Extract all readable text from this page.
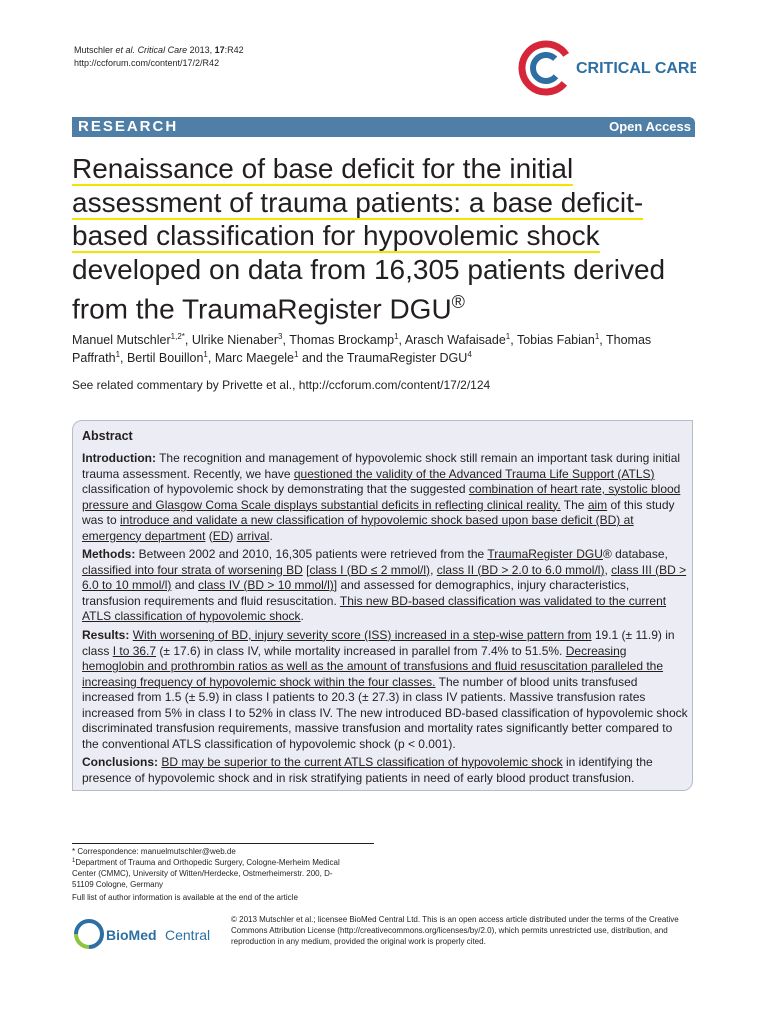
Mutschler et al. Critical Care 2013, 17:R42
http://ccforum.com/content/17/2/R42	CRITICAL CARE
RESEARCH	Open Access
Renaissance of base deficit for the initial
assessment of trauma patients: a base deficit-
based classification for hypovolemic shock
developed on data from 16,305 patients derived
from the TraumaRegister DGU®
Manuel Mutschler$^{1,2*}$, Ulrike Nienaber$^3$, Thomas Brockamp$^1$, Arasch Wafaisade$^1$, Tobias Fabian$^1$, Thomas Paffrath$^1$, Bertil Bouillon$^1$, Marc Maegele$^1$ and the TraumaRegister DGU$^4$
See related commentary by Privette et al., http://ccforum.com/content/17/2/124
Abstract
Introduction: The recognition and management of hypovolemic shock still remain an important task during initial trauma assessment. Recently, we have questioned the validity of the Advanced Trauma Life Support (ATLS) classification of hypovolemic shock by demonstrating that the suggested combination of heart rate, systolic blood pressure and Glasgow Coma Scale displays substantial deficits in reflecting clinical reality. The aim of this study was to introduce and validate a new classification of hypovolemic shock based upon base deficit (BD) at emergency department (ED) arrival.
Methods: Between 2002 and 2010, 16,305 patients were retrieved from the TraumaRegister DGU® database, classified into four strata of worsening BD [class I (BD ≤ 2 mmol/l), class II (BD > 2.0 to 6.0 mmol/l), class III (BD > 6.0 to 10 mmol/l) and class IV (BD > 10 mmol/l)] and assessed for demographics, injury characteristics, transfusion requirements and fluid resuscitation. This new BD-based classification was validated to the current ATLS classification of hypovolemic shock.
Results: With worsening of BD, injury severity score (ISS) increased in a step-wise pattern from 19.1 (± 11.9) in class I to 36.7 (± 17.6) in class IV, while mortality increased in parallel from 7.4% to 51.5%. Decreasing hemoglobin and prothrombin ratios as well as the amount of transfusions and fluid resuscitation paralleled the increasing frequency of hypovolemic shock within the four classes. The number of blood units transfused increased from 1.5 (± 5.9) in class I patients to 20.3 (± 27.3) in class IV patients. Massive transfusion rates increased from 5% in class I to 52% in class IV. The new introduced BD-based classification of hypovolemic shock discriminated transfusion requirements, massive transfusion and mortality rates significantly better compared to the conventional ATLS classification of hypovolemic shock (p < 0.001).
Conclusions: BD may be superior to the current ATLS classification of hypovolemic shock in identifying the presence of hypovolemic shock and in risk stratifying patients in need of early blood product transfusion.
* Correspondence: manuelmutschler@web.de
$^1$Department of Trauma and Orthopedic Surgery, Cologne-Merheim Medical
Center (CMMC), University of Witten/Herdecke, Ostmerheimerstr. 200, D-
51109 Cologne, Germany
Full list of author information is available at the end of the article
BioMed Central
© 2013 Mutschler et al.; licensee BioMed Central Ltd. This is an open access article distributed under the terms of the Creative
Commons Attribution License (http://creativecommons.org/licenses/by/2.0), which permits unrestricted use, distribution, and
reproduction in any medium, provided the original work is properly cited.
